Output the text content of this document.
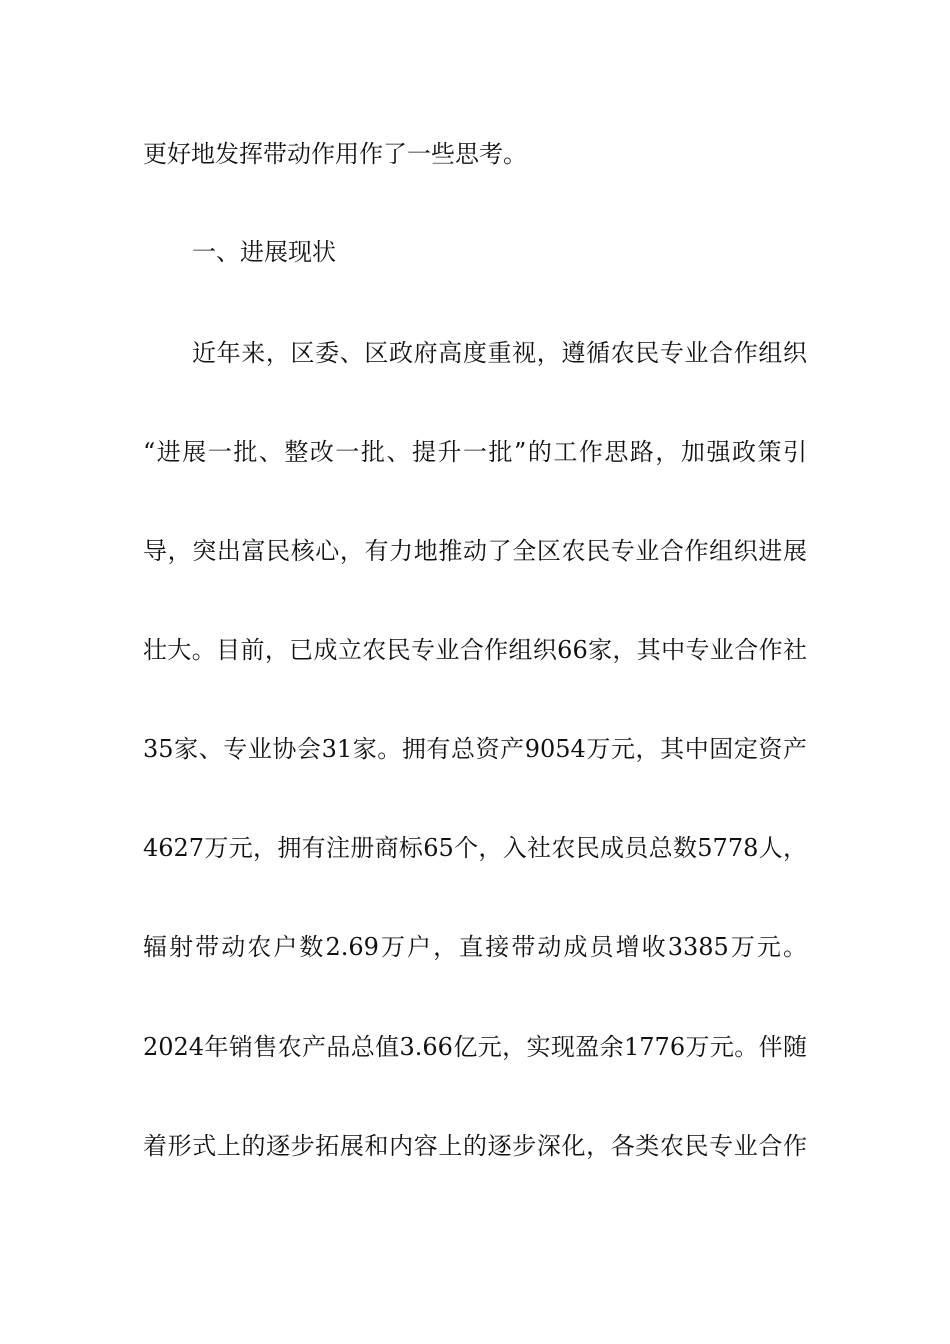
更好地发挥带动作用作了一些思考。
一、进展现状
近年来，区委、区政府高度重视，遵循农民专业合作组织
“进展一批、整改一批、提升一批”的工作思路，加强政策引
导，突出富民核心，有力地推动了全区农民专业合作组织进展
壮大。目前，已成立农民专业合作组织66家，其中专业合作社
35家、专业协会31家。拥有总资产9054万元，其中固定资产
4627万元，拥有注册商标65个，入社农民成员总数5778人，
辐射带动农户数2.69万户，直接带动成员增收3385万元。
2024年销售农产品总值3.66亿元，实现盈余1776万元。伴随
着形式上的逐步拓展和内容上的逐步深化，各类农民专业合作
